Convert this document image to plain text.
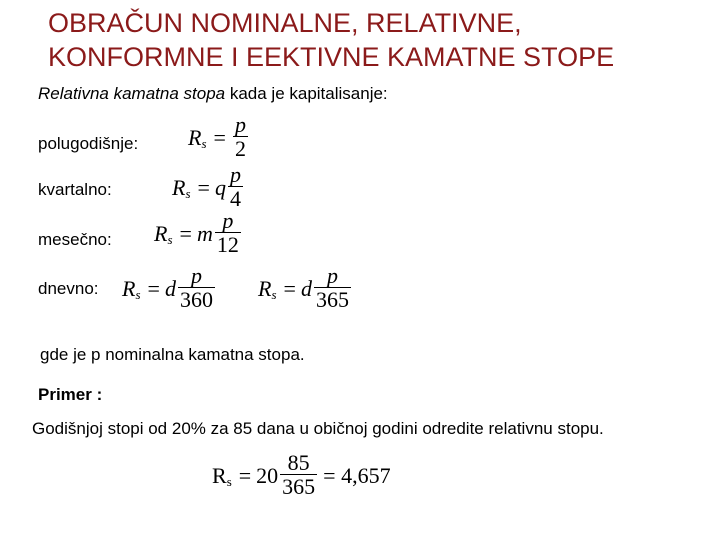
OBRAČUN NOMINALNE, RELATIVNE,
KONFORMNE I EEKTIVNE KAMATNE STOPE
Relativna kamatna stopa kada je kapitalisanje:
polugodišnje: R $s = \frac{p}{2}$
kvartalno:	R s = q $\frac{p}{4}$
mesečno: R s = m $\frac{p}{12}$
dnevno: R s = d $\frac{p}{360}$ R s = d $\frac{p}{365}$
gde je p nominalna kamatna stopa.
Primer :
Godišnjoj stopi od 20% za 85 dana u običnoj godini odredite relativnu stopu.
R $s = 20 \frac{85}{365} = 4,657$
